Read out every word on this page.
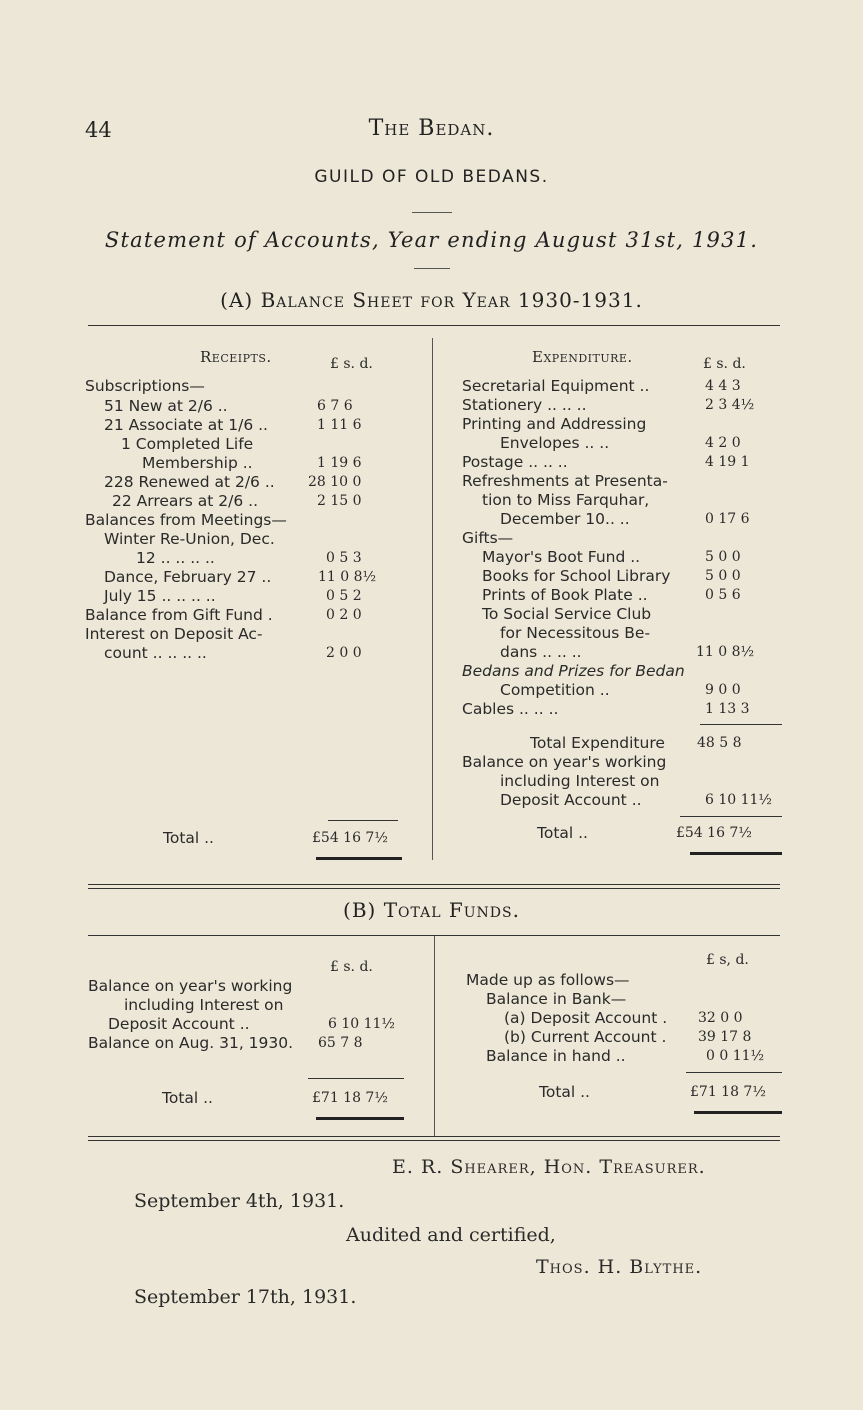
44	The Bedan.
GUILD OF OLD BEDANS.
Statement of Accounts, Year ending August 31st, 1931.
(A) Balance Sheet for Year 1930-1931.
Receipts.	£ s. d.
Subscriptions—
51 New at 2/6 ..	6 7 6
21 Associate at 1/6 ..	1 11 6
1 Completed Life
Membership ..	1 19 6
228 Renewed at 2/6 .. 28 10 0
22 Arrears at 2/6 ..	2 15 0
Balances from Meetings—
Winter Re-Union, Dec.
12 .. .. .. ..	0 5 3
Dance, February 27 ..	11 0 8½
July 15 .. .. .. ..	0 5 2
Balance from Gift Fund .	0 2 0
Interest on Deposit Ac-
count .. .. .. ..	2 0 0
Total ..	£54 16 7½
Expenditure.	£ s. d.
Secretarial Equipment ..	4 4 3
Stationery .. .. ..	2 3 4½
Printing and Addressing
Envelopes .. ..	4 2 0
Postage .. .. ..	4 19 1
Refreshments at Presenta-
tion to Miss Farquhar,
December 10.. ..	0 17 6
Gifts—
Mayor's Boot Fund ..	5 0 0
Books for School Library 5 0 0
Prints of Book Plate ..	0 5 6
To Social Service Club
for Necessitous Be-
dans .. .. ..	11 0 8½
Bedans and Prizes for Bedan
Competition ..	9 0 0
Cables .. .. ..	1 13 3
Total Expenditure 48 5 8
Balance on year's working
including Interest on
Deposit Account ..	6 10 11½
Total ..	£54 16 7½
(B) Total Funds.
£ s. d.
Balance on year's working
including Interest on
Deposit Account ..	6 10 11½
Balance on Aug. 31, 1930. 65 7 8
Total ..	£71 18 7½
£ s, d.
Made up as follows—
Balance in Bank—
(a) Deposit Account . 32 0 0
(b) Current Account . 39 17 8
Balance in hand ..	0 0 11½
Total ..	£71 18 7½
E. R. Shearer, Hon. Treasurer.
September 4th, 1931.
Audited and certified,
Thos. H. Blythe.
September 17th, 1931.
